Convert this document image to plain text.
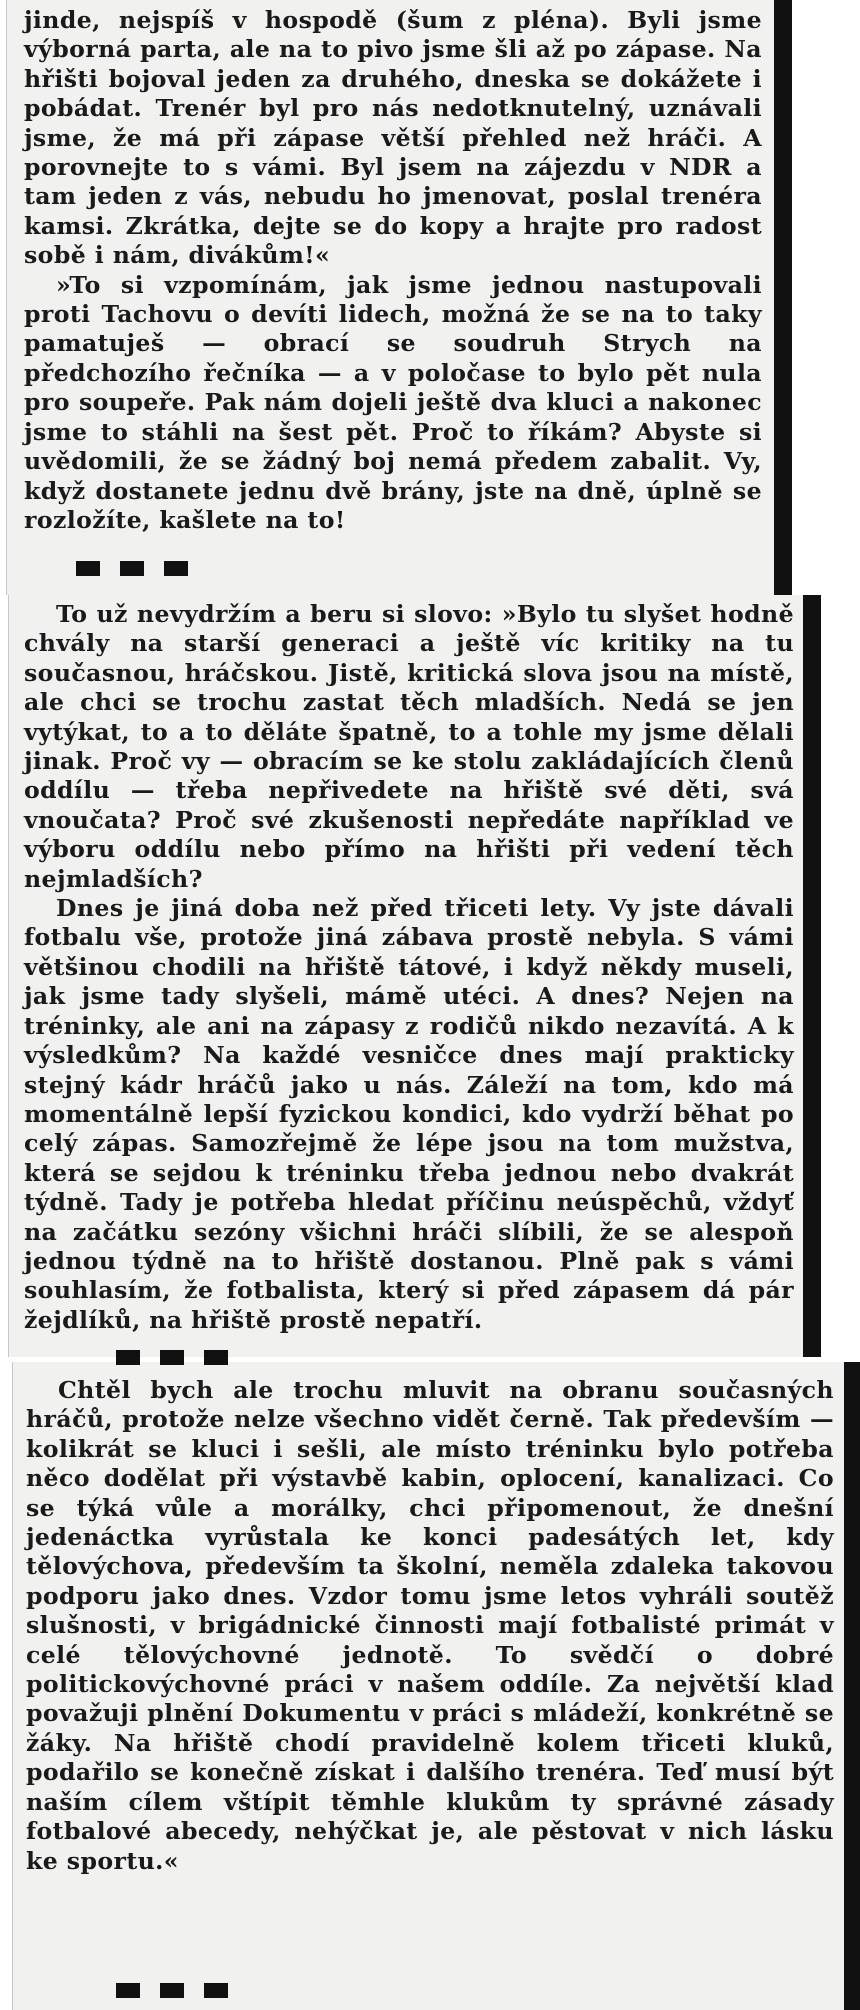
jinde, nejspíš v hospodě (šum z pléna). Byli jsme výborná parta, ale na to pivo jsme šli až po zápase. Na hřišti bojoval jeden za druhého, dneska se dokážete i pobádat. Trenér byl pro nás nedotknutelný, uznávali jsme, že má při zápase větší přehled než hráči. A porovnejte to s vámi. Byl jsem na zájezdu v NDR a tam jeden z vás, nebudu ho jmenovat, poslal trenéra kamsi. Zkrátka, dejte se do kopy a hrajte pro radost sobě i nám, divákům!«

»To si vzpomínám, jak jsme jednou nastupovali proti Tachovu o devíti lidech, možná že se na to taky pamatuješ — obrací se soudruh Strych na předchozího řečníka — a v poločase to bylo pět nula pro soupeře. Pak nám dojeli ještě dva kluci a nakonec jsme to stáhli na šest pět. Proč to říkám? Abyste si uvědomili, že se žádný boj nemá předem zabalit. Vy, když dostanete jednu dvě brány, jste na dně, úplně se rozložíte, kašlete na to!

To už nevydržím a beru si slovo: »Bylo tu slyšet hodně chvály na starší generaci a ještě víc kritiky na tu současnou, hráčskou. Jistě, kritická slova jsou na místě, ale chci se trochu zastat těch mladších. Nedá se jen vytýkat, to a to děláte špatně, to a tohle my jsme dělali jinak. Proč vy — obracím se ke stolu zakládajících členů oddílu — třeba nepřivedete na hřiště své děti, svá vnoučata? Proč své zkušenosti nepředáte například ve výboru oddílu nebo přímo na hřišti při vedení těch nejmladších?

Dnes je jiná doba než před třiceti lety. Vy jste dávali fotbalu vše, protože jiná zábava prostě nebyla. S vámi většinou chodili na hřiště tátové, i když někdy museli, jak jsme tady slyšeli, mámě utéci. A dnes? Nejen na tréninky, ale ani na zápasy z rodičů nikdo nezavítá. A k výsledkům? Na každé vesničce dnes mají prakticky stejný kádr hráčů jako u nás. Záleží na tom, kdo má momentálně lepší fyzickou kondici, kdo vydrží běhat po celý zápas. Samozřejmě že lépe jsou na tom mužstva, která se sejdou k tréninku třeba jednou nebo dvakrát týdně. Tady je potřeba hledat příčinu neúspěchů, vždyť na začátku sezóny všichni hráči slíbili, že se alespoň jednou týdně na to hřiště dostanou. Plně pak s vámi souhlasím, že fotbalista, který si před zápasem dá pár žejdlíků, na hřiště prostě nepatří.

Chtěl bych ale trochu mluvit na obranu současných hráčů, protože nelze všechno vidět černě. Tak především — kolikrát se kluci i sešli, ale místo tréninku bylo potřeba něco dodělat při výstavbě kabin, oplocení, kanalizaci. Co se týká vůle a morálky, chci připomenout, že dnešní jedenáctka vyrůstala ke konci padesátých let, kdy tělovýchova, především ta školní, neměla zdaleka takovou podporu jako dnes. Vzdor tomu jsme letos vyhráli soutěž slušnosti, v brigádnické činnosti mají fotbalisté primát v celé tělovýchovné jednotě. To svědčí o dobré politickovýchovné práci v našem oddíle. Za největší klad považuji plnění Dokumentu v práci s mládeží, konkrétně se žáky. Na hřiště chodí pravidelně kolem třiceti kluků, podařilo se konečně získat i dalšího trenéra. Teď musí být naším cílem vštípit těmhle klukům ty správné zásady fotbalové abecedy, nehýčkat je, ale pěstovat v nich lásku ke sportu.«
